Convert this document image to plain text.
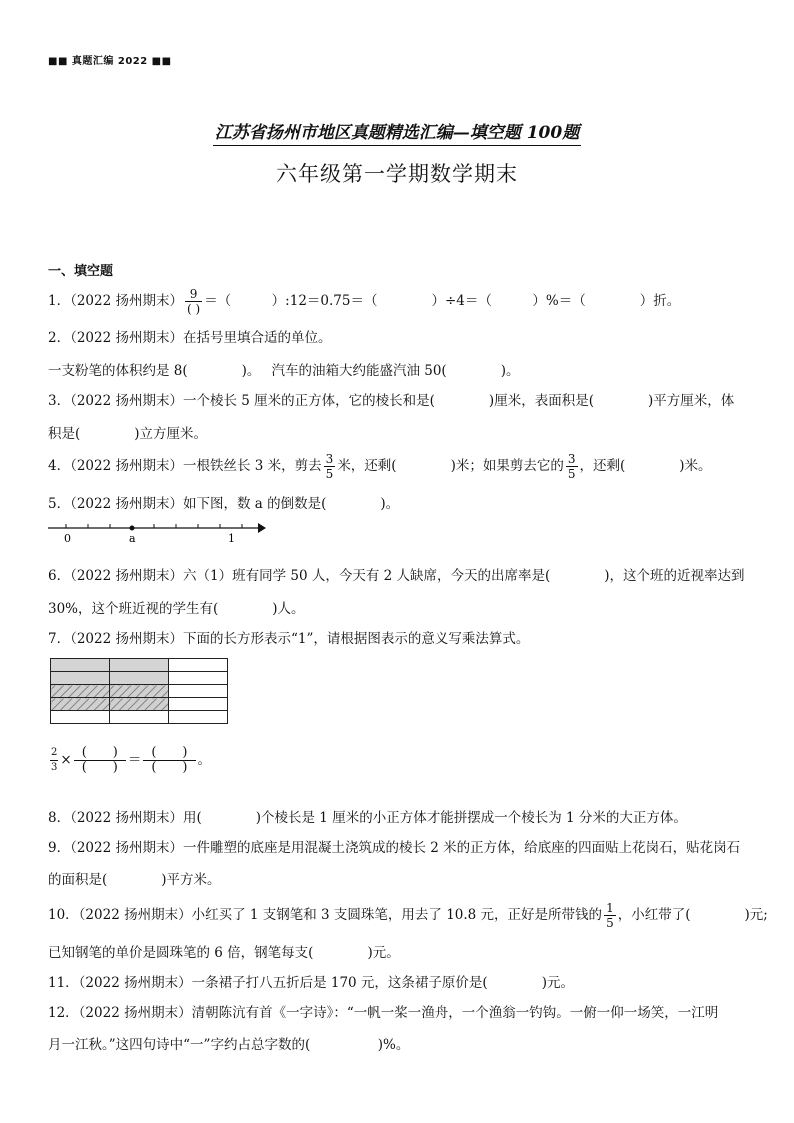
■■ 真题汇编 2022 ■■
江苏省扬州市地区真题精选汇编—填空题 100题
六年级第一学期数学期末
一、填空题
1．（2022 扬州期末） $\frac{9}{( )}$ ＝（　　　）:12＝0.75＝（　　　　）÷4＝（　　　）%＝（　　　　）折。
2．（2022 扬州期末）在括号里填合适的单位。
一支粉笔的体积约是 8(　　　　)。　 汽车的油箱大约能盛汽油 50(　　　　)。
3．（2022 扬州期末）一个棱长 5 厘米的正方体，它的棱长和是(　　　　)厘米，表面积是(　　　　)平方厘米，体
积是(　　　　)立方厘米。
4．（2022 扬州期末）一根铁丝长 3 米，剪去 $\frac{3}{5}$ 米，还剩(　　　　)米；如果剪去它的 $\frac{3}{5}$ ，还剩(　　　　)米。
5．（2022 扬州期末）如下图，数 a 的倒数是(　　　　)。
0	a	1
6．（2022 扬州期末）六（1）班有同学 50 人，今天有 2 人缺席，今天的出席率是(　　　　)，这个班的近视率达到
30%，这个班近视的学生有(　　　　)人。
7．（2022 扬州期末）下面的长方形表示“1”，请根据图表示的意义写乘法算式。

$\frac{2}{3} \times \frac{( )}{( )} = \frac{( )}{( )}$ 。
8．（2022 扬州期末）用(　　　　)个棱长是 1 厘米的小正方体才能拼摆成一个棱长为 1 分米的大正方体。
9．（2022 扬州期末）一件雕塑的底座是用混凝土浇筑成的棱长 2 米的正方体，给底座的四面贴上花岗石，贴花岗石
的面积是(　　　　)平方米。
10．（2022 扬州期末）小红买了 1 支钢笔和 3 支圆珠笔，用去了 10.8 元，正好是所带钱的 $\frac{1}{5}$ ，小红带了(　　　　)元;
已知钢笔的单价是圆珠笔的 6 倍，钢笔每支(　　　　)元。
11．（2022 扬州期末）一条裙子打八五折后是 170 元，这条裙子原价是(　　　　)元。
12．（2022 扬州期末）清朝陈沆有首《一字诗》：“一帆一桨一渔舟，一个渔翁一钓钩。一俯一仰一场笑，一江明
月一江秋。”这四句诗中“一”字约占总字数的(　　　　　)%。
